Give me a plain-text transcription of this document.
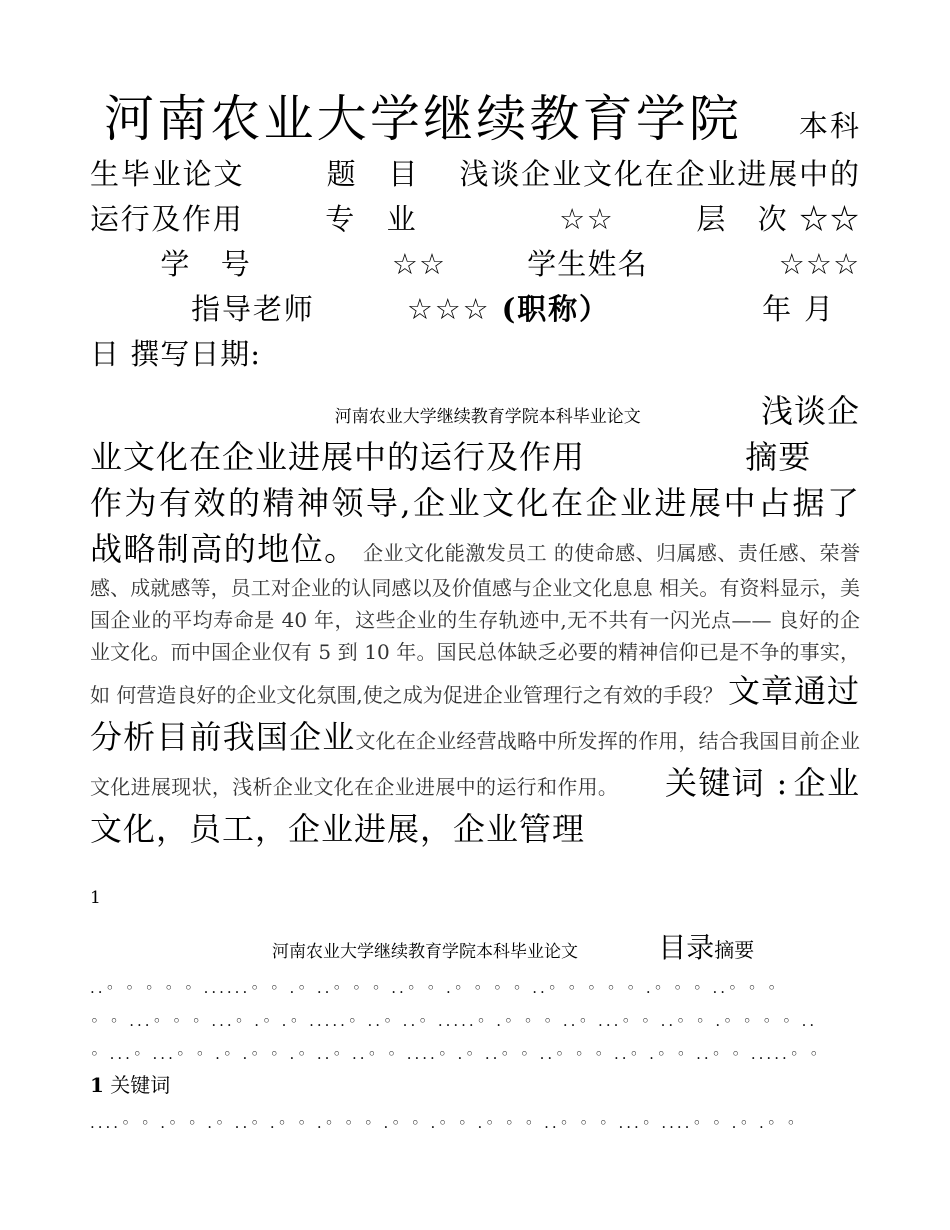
河南农业大学继续教育学院 本科生毕业论文	题　目 浅谈企业文化在企业进展中的运行及作用	专　业	☆☆	层　次 ☆☆  学　号	☆☆	学生姓名	☆☆☆  指导老师	☆☆☆ (职称）	年 月  日 撰写日期:
河南农业大学继续教育学院本科毕业论文	浅谈企
业文化在企业进展中的运行及作用	摘要
作为有效的精神领导,企业文化在企业进展中占据了战略制高的地位。 企业文化能激发员工 的使命感、归属感、责任感、荣誉感、成就感等，员工对企业的认同感以及价值感与企业文化息息 相关。有资料显示，美国企业的平均寿命是 40 年，这些企业的生存轨迹中,无不共有一闪光点—— 良好的企业文化。而中国企业仅有 5 到 10 年。国民总体缺乏必要的精神信仰已是不争的事实，如 何营造良好的企业文化氛围,使之成为促进企业管理行之有效的手段？ 文章通过分析目前我国企业文化在企业经营战略中所发挥的作用，结合我国目前企业文化进展现状，浅析企业文化在企业进展中的运行和作用。 关键词 : 企业文化，员工，企业进展，企业管理
1
河南农业大学继续教育学院本科毕业论文	目录摘要
..◦ ◦ ◦ ◦ ◦ ......◦ ◦ .◦ ..◦ ◦ ◦ ..◦ ◦ .◦ ◦ ◦ ◦ ..◦ ◦ ◦ ◦ ◦ .◦ ◦ ◦ ..◦ ◦ ◦
◦ ◦ ...◦ ◦ ◦ ...◦ .◦ .◦ .....◦ ..◦ ..◦ .....◦ .◦ ◦ ◦ ..◦ ...◦ ◦ ..◦ ◦ .◦ ◦ ◦ ◦ ..
◦ ...◦ ...◦ ◦ .◦ .◦ ◦ .◦ ..◦ ..◦ ◦ ....◦ .◦ ..◦ ◦ ..◦ ◦ ◦ ..◦ .◦ ◦ ..◦ ◦ .....◦ ◦
1 关键词
....◦ ◦ .◦ ◦ .◦ ..◦ .◦ ◦ .◦ ◦ ◦ .◦ ◦ .◦ ◦ .◦ ◦ ◦ ..◦ ◦ ◦ ...◦ ....◦ ◦ .◦ .◦ ◦
